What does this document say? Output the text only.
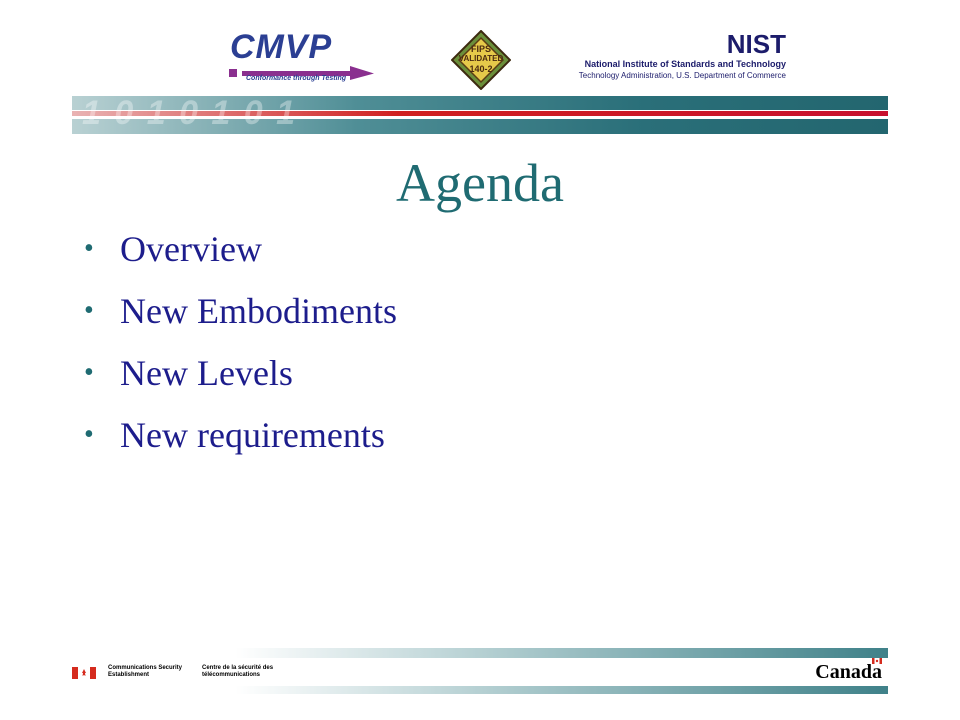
CMVP
Conformance through Testing
FIPS
VALIDATED
140-2
NIST
National Institute of Standards and Technology
Technology Administration, U.S. Department of Commerce
1 0 1 0 1 0 1
Agenda
• Overview
• New Embodiments
• New Levels
• New requirements
Communications Security Establishment
Centre de la sécurité des télécommunications	Canada
